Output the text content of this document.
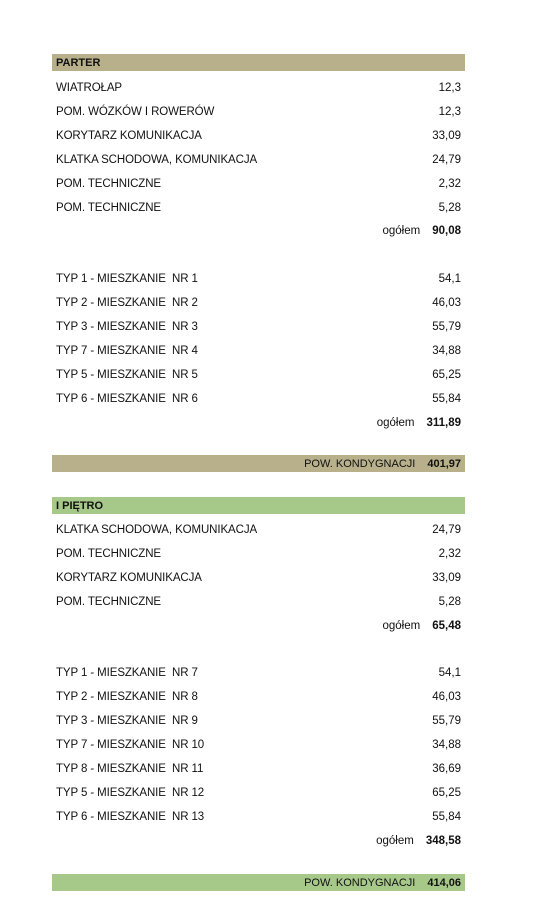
PARTER
WIATROŁAP	12,3
POM. WÓZKÓW I ROWERÓW	12,3
KORYTARZ KOMUNIKACJA	33,09
KLATKA SCHODOWA, KOMUNIKACJA	24,79
POM. TECHNICZNE	2,32
POM. TECHNICZNE	5,28
ogółem 90,08
TYP 1 - MIESZKANIE  NR 1	54,1
TYP 2 - MIESZKANIE  NR 2	46,03
TYP 3 - MIESZKANIE  NR 3	55,79
TYP 7 - MIESZKANIE  NR 4	34,88
TYP 5 - MIESZKANIE  NR 5	65,25
TYP 6 - MIESZKANIE  NR 6	55,84
ogółem 311,89
POW. KONDYGNACJI 401,97
I PIĘTRO
KLATKA SCHODOWA, KOMUNIKACJA	24,79
POM. TECHNICZNE	2,32
KORYTARZ KOMUNIKACJA	33,09
POM. TECHNICZNE	5,28
ogółem 65,48
TYP 1 - MIESZKANIE  NR 7	54,1
TYP 2 - MIESZKANIE  NR 8	46,03
TYP 3 - MIESZKANIE  NR 9	55,79
TYP 7 - MIESZKANIE  NR 10	34,88
TYP 8 - MIESZKANIE  NR 11	36,69
TYP 5 - MIESZKANIE  NR 12	65,25
TYP 6 - MIESZKANIE  NR 13	55,84
ogółem 348,58
POW. KONDYGNACJI 414,06
